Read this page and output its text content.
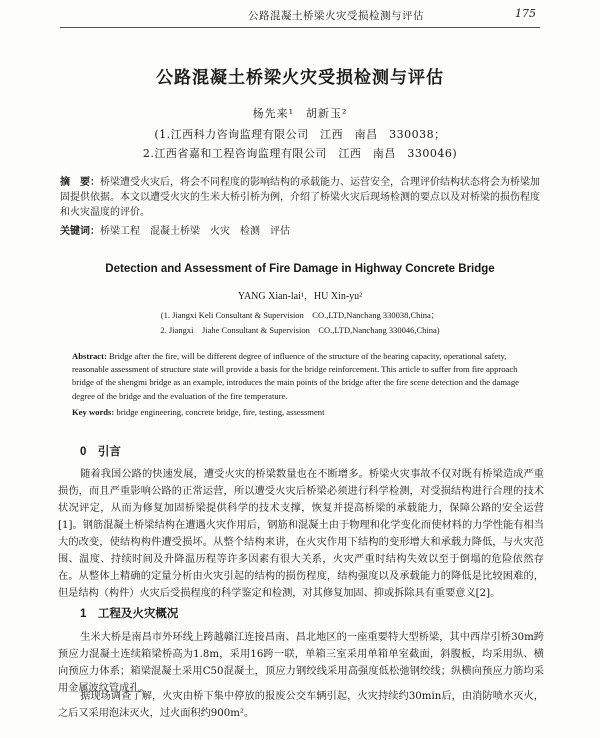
公路混凝土桥梁火灾受损检测与评估	175
公路混凝土桥梁火灾受损检测与评估
杨先来¹　胡新玉²
(1.江西科力咨询监理有限公司　江西　南昌　330038；
2.江西省嘉和工程咨询监理有限公司　江西　南昌　330046)
摘　要：桥梁遭受火灾后，将会不同程度的影响结构的承载能力、运营安全，合理评价结构状态将会为桥梁加固提供依据。本文以遭受火灾的生米大桥引桥为例，介绍了桥梁火灾后现场检测的要点以及对桥梁的损伤程度和火灾温度的评价。
关键词：桥梁工程　混凝土桥梁　火灾　检测　评估
Detection and Assessment of Fire Damage in Highway Concrete Bridge
YANG Xian-lai¹，HU Xin-yu²
(1. Jiangxi Keli Consultant & Supervision　CO.,LTD,Nanchang 330038,China；
2. Jiangxi　Jiahe Consultant & Supervision　CO.,LTD,Nanchang 330046,China)
Abstract: Bridge after the fire, will be different degree of influence of the structure of the bearing capacity, operational safety, reasonable assessment of structure state will provide a basis for the bridge reinforcement. This article to suffer from fire approach bridge of the shengmi bridge as an example, introduces the main points of the bridge after the fire scene detection and the damage degree of the bridge and the evaluation of the fire temperature.
Key words: bridge engineering, concrete bridge, fire, testing, assessment
0　引言
随着我国公路的快速发展，遭受火灾的桥梁数量也在不断增多。桥梁火灾事故不仅对既有桥梁造成严重损伤，而且严重影响公路的正常运营，所以遭受火灾后桥梁必须进行科学检测，对受损结构进行合理的技术状况评定，从而为修复加固桥梁提供科学的技术支撑，恢复并提高桥梁的承载能力，保障公路的安全运营[1]。钢筋混凝土桥梁结构在遭遇火灾作用后，钢筋和混凝土由于物理和化学变化而使材料的力学性能有相当大的改变，使结构构件遭受损坏。从整个结构来讲，在火灾作用下结构的变形增大和承载力降低，与火灾范围、温度、持续时间及升降温历程等许多因素有很大关系，火灾严重时结构失效以至于倒塌的危险依然存在。从整体上精确的定量分析由火灾引起的结构的损伤程度，结构强度以及承载能力的降低是比较困难的，但是结构（构件）火灾后受损程度的科学鉴定和检测，对其修复加固、抑或拆除具有重要意义[2]。
1　工程及火灾概况
生米大桥是南昌市外环线上跨越赣江连接昌南、昌北地区的一座重要特大型桥梁，其中西岸引桥30m跨预应力混凝土连续箱梁桥高为1.8m，采用16跨一联，单箱三室采用单箱单室截面，斜腹板，均采用纵、横向预应力体系；箱梁混凝土采用C50混凝土，顶应力钢绞线采用高强度低松弛钢绞线；纵横向预应力筋均采用金属波纹管成孔。
据现场调查了解，火灾由桥下集中停放的报废公交车辆引起，火灾持续约30min后，由消防喷水灭火，之后又采用泡沫灭火，过火面积约900m²。
